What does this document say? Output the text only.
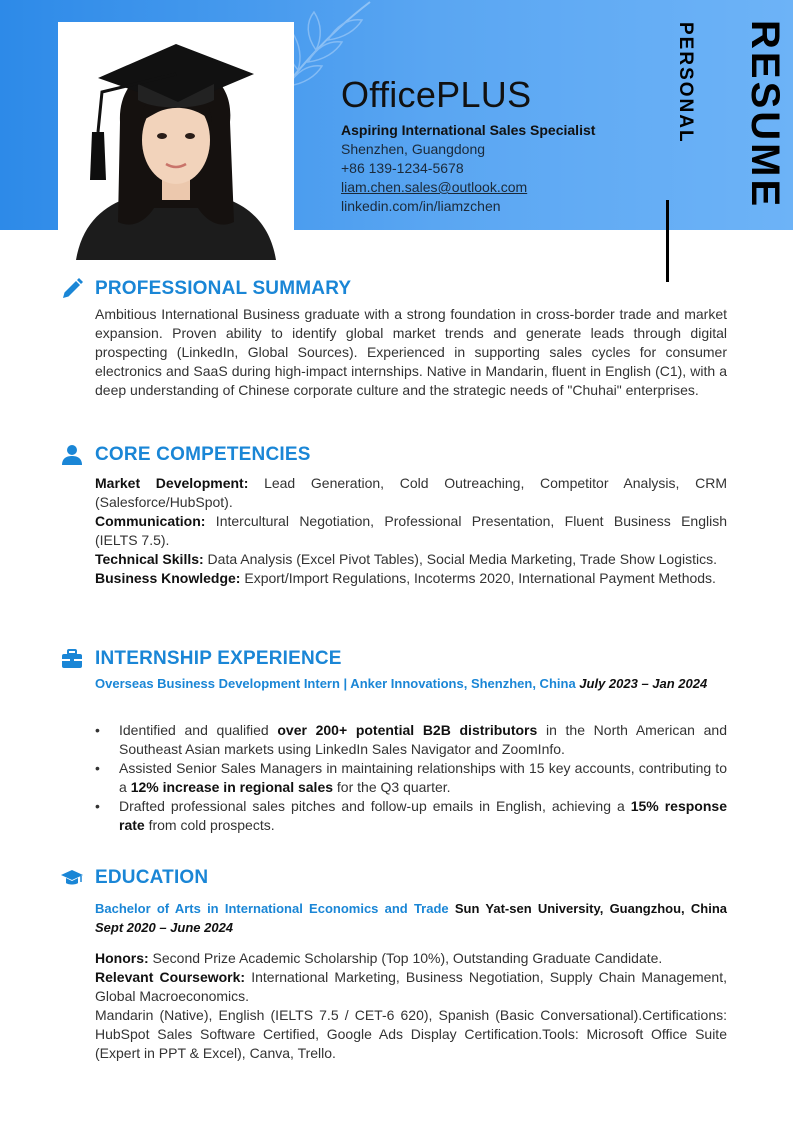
OfficePLUS
Aspiring International Sales Specialist
Shenzhen, Guangdong
+86 139-1234-5678
liam.chen.sales@outlook.com
linkedin.com/in/liamzchen
PERSONAL RESUME
PROFESSIONAL SUMMARY
Ambitious International Business graduate with a strong foundation in cross-border trade and market expansion. Proven ability to identify global market trends and generate leads through digital prospecting (LinkedIn, Global Sources). Experienced in supporting sales cycles for consumer electronics and SaaS during high-impact internships. Native in Mandarin, fluent in English (C1), with a deep understanding of Chinese corporate culture and the strategic needs of "Chuhai" enterprises.
CORE COMPETENCIES
Market Development: Lead Generation, Cold Outreaching, Competitor Analysis, CRM (Salesforce/HubSpot).
Communication: Intercultural Negotiation, Professional Presentation, Fluent Business English (IELTS 7.5).
Technical Skills: Data Analysis (Excel Pivot Tables), Social Media Marketing, Trade Show Logistics.
Business Knowledge: Export/Import Regulations, Incoterms 2020, International Payment Methods.
INTERNSHIP EXPERIENCE
Overseas Business Development Intern | Anker Innovations, Shenzhen, China July 2023 – Jan 2024
• Identified and qualified over 200+ potential B2B distributors in the North American and Southeast Asian markets using LinkedIn Sales Navigator and ZoomInfo.
• Assisted Senior Sales Managers in maintaining relationships with 15 key accounts, contributing to a 12% increase in regional sales for the Q3 quarter.
• Drafted professional sales pitches and follow-up emails in English, achieving a 15% response rate from cold prospects.
EDUCATION
Bachelor of Arts in International Economics and Trade Sun Yat-sen University, Guangzhou, China Sept 2020 – June 2024
Honors: Second Prize Academic Scholarship (Top 10%), Outstanding Graduate Candidate.
Relevant Coursework: International Marketing, Business Negotiation, Supply Chain Management, Global Macroeconomics.
Mandarin (Native), English (IELTS 7.5 / CET-6 620), Spanish (Basic Conversational).Certifications: HubSpot Sales Software Certified, Google Ads Display Certification.Tools: Microsoft Office Suite (Expert in PPT & Excel), Canva, Trello.
